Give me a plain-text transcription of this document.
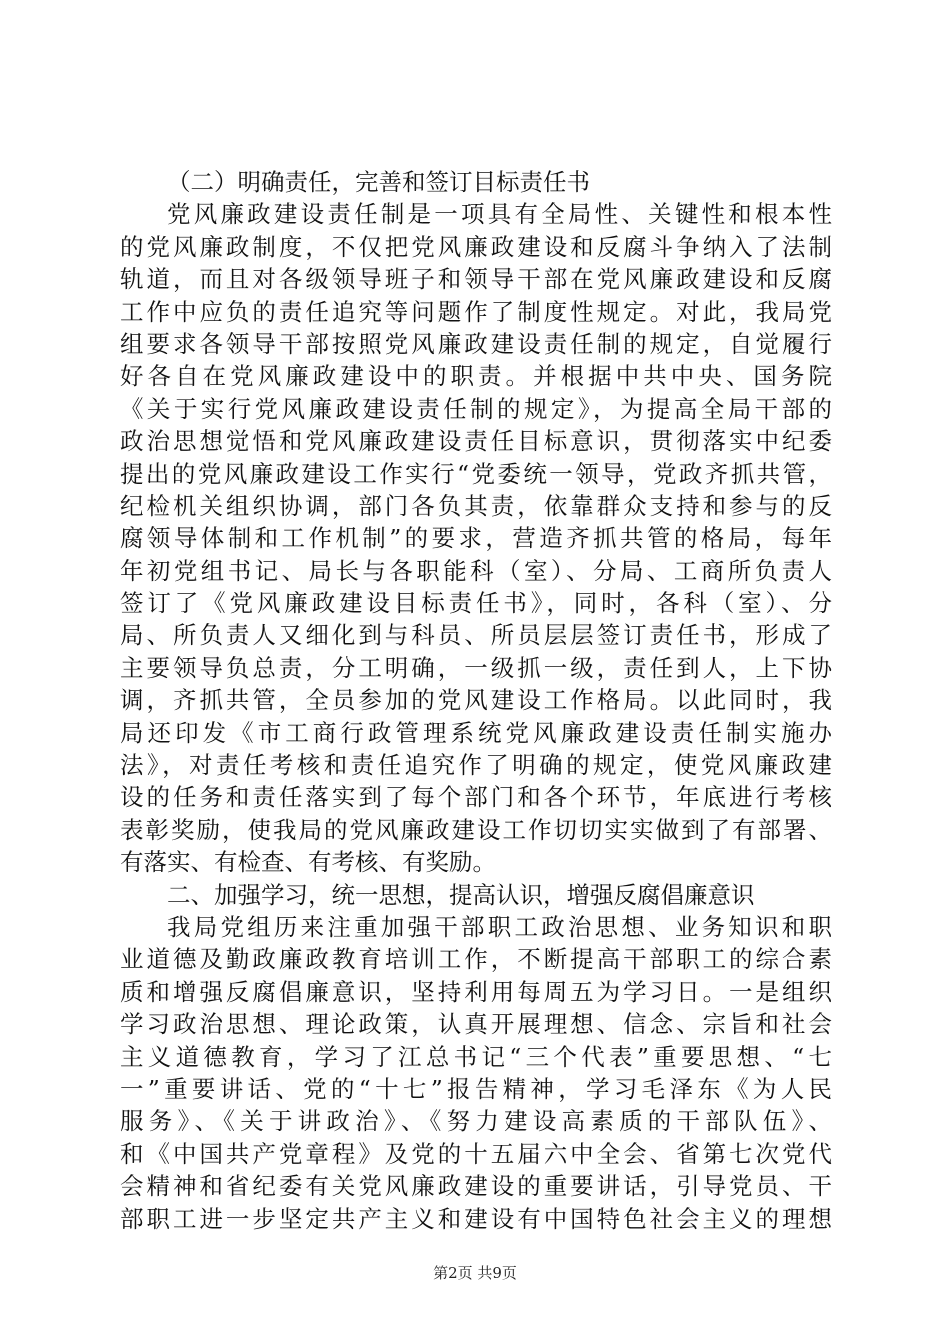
（二）明确责任，完善和签订目标责任书
党风廉政建设责任制是一项具有全局性、关键性和根本性
的党风廉政制度，不仅把党风廉政建设和反腐斗争纳入了法制
轨道，而且对各级领导班子和领导干部在党风廉政建设和反腐
工作中应负的责任追究等问题作了制度性规定。对此，我局党
组要求各领导干部按照党风廉政建设责任制的规定，自觉履行
好各自在党风廉政建设中的职责。并根据中共中央、国务院
《关于实行党风廉政建设责任制的规定》，为提高全局干部的
政治思想觉悟和党风廉政建设责任目标意识，贯彻落实中纪委
提出的党风廉政建设工作实行“党委统一领导，党政齐抓共管，
纪检机关组织协调，部门各负其责，依靠群众支持和参与的反
腐领导体制和工作机制”的要求，营造齐抓共管的格局，每年
年初党组书记、局长与各职能科（室）、分局、工商所负责人
签订了《党风廉政建设目标责任书》，同时，各科（室）、分
局、所负责人又细化到与科员、所员层层签订责任书，形成了
主要领导负总责，分工明确，一级抓一级，责任到人，上下协
调，齐抓共管，全员参加的党风建设工作格局。以此同时，我
局还印发《市工商行政管理系统党风廉政建设责任制实施办
法》，对责任考核和责任追究作了明确的规定，使党风廉政建
设的任务和责任落实到了每个部门和各个环节，年底进行考核
表彰奖励，使我局的党风廉政建设工作切切实实做到了有部署、
有落实、有检查、有考核、有奖励。
二、加强学习，统一思想，提高认识，增强反腐倡廉意识
我局党组历来注重加强干部职工政治思想、业务知识和职
业道德及勤政廉政教育培训工作，不断提高干部职工的综合素
质和增强反腐倡廉意识，坚持利用每周五为学习日。一是组织
学习政治思想、理论政策，认真开展理想、信念、宗旨和社会
主义道德教育，学习了江总书记“三个代表”重要思想、“七
一”重要讲话、党的“十七”报告精神，学习毛泽东《为人民
服务》、《关于讲政治》、《努力建设高素质的干部队伍》、
和《中国共产党章程》及党的十五届六中全会、省第七次党代
会精神和省纪委有关党风廉政建设的重要讲话，引导党员、干
部职工进一步坚定共产主义和建设有中国特色社会主义的理想
第2页 共9页
